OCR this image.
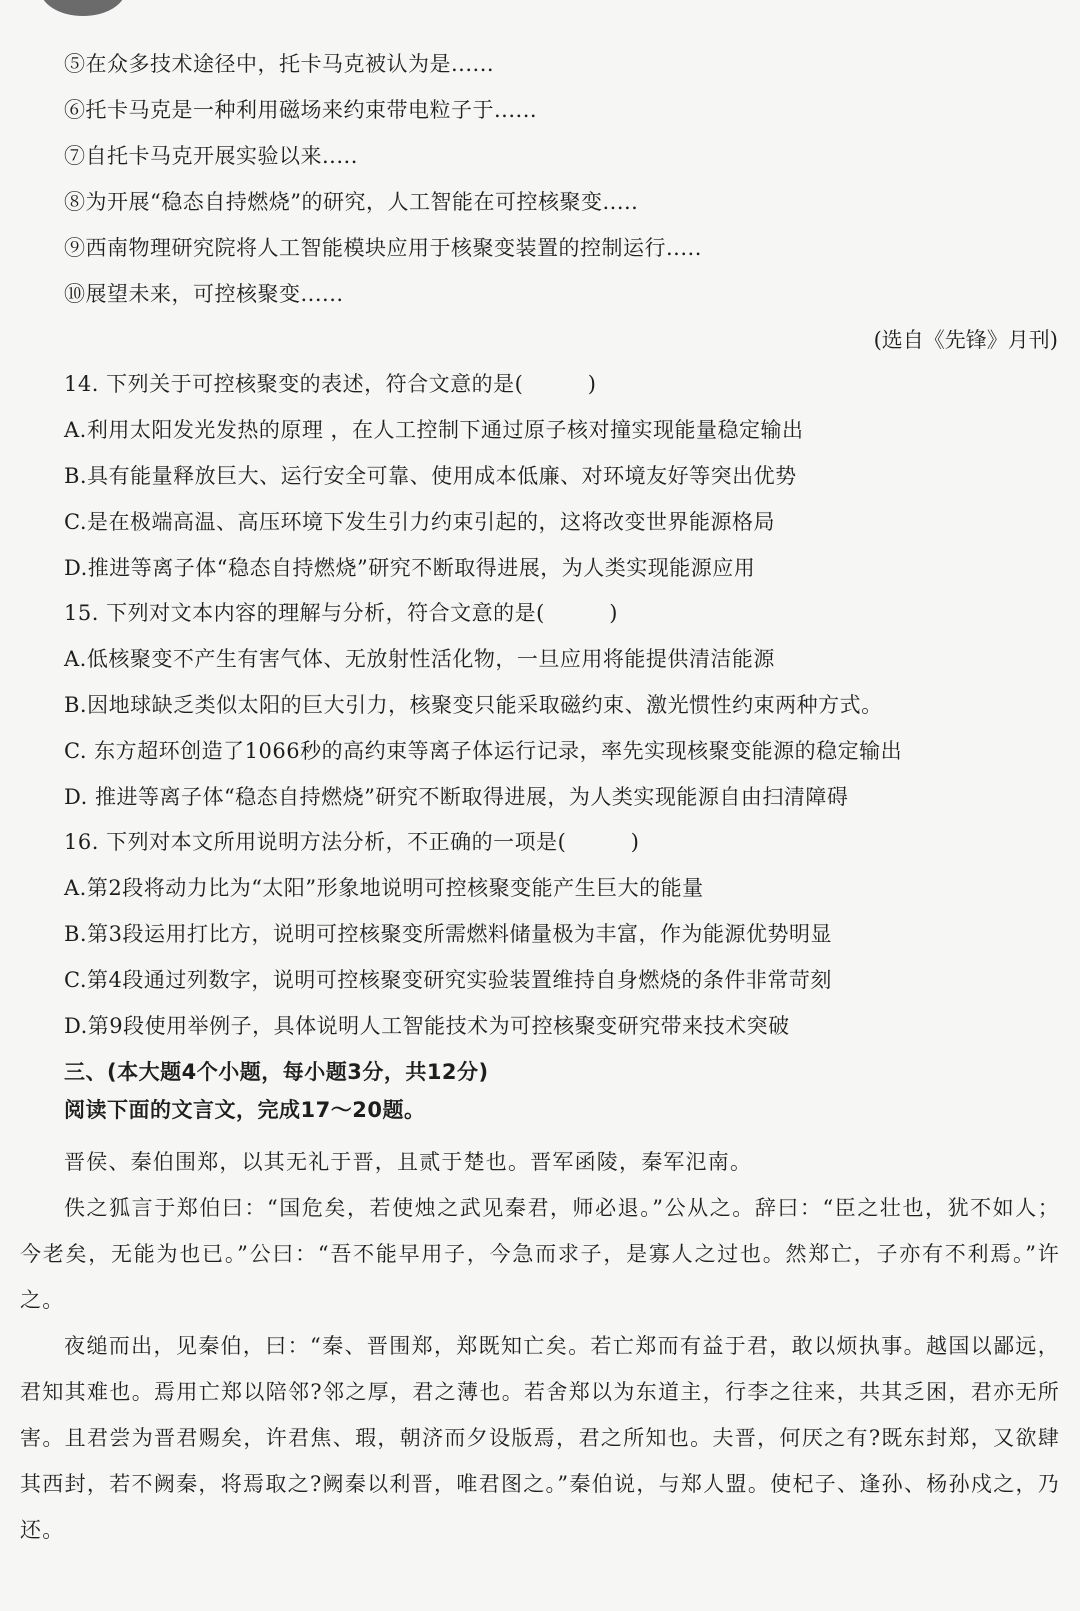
⑤在众多技术途径中，托卡马克被认为是......
⑥托卡马克是一种利用磁场来约束带电粒子于......
⑦自托卡马克开展实验以来.....
⑧为开展“稳态自持燃烧”的研究，人工智能在可控核聚变.....
⑨西南物理研究院将人工智能模块应用于核聚变装置的控制运行.....
⑩展望未来，可控核聚变......
(选自《先锋》月刊)
14. 下列关于可控核聚变的表述，符合文意的是(　　　)
A.利用太阳发光发热的原理 ，在人工控制下通过原子核对撞实现能量稳定输出
B.具有能量释放巨大、运行安全可靠、使用成本低廉、对环境友好等突出优势
C.是在极端高温、高压环境下发生引力约束引起的，这将改变世界能源格局
D.推进等离子体“稳态自持燃烧”研究不断取得进展，为人类实现能源应用
15. 下列对文本内容的理解与分析，符合文意的是(　　　)
A.低核聚变不产生有害气体、无放射性活化物，一旦应用将能提供清洁能源
B.因地球缺乏类似太阳的巨大引力，核聚变只能采取磁约束、激光惯性约束两种方式。
C. 东方超环创造了1066秒的高约束等离子体运行记录，率先实现核聚变能源的稳定输出
D. 推进等离子体“稳态自持燃烧”研究不断取得进展，为人类实现能源自由扫清障碍
16. 下列对本文所用说明方法分析，不正确的一项是(　　　)
A.第2段将动力比为“太阳”形象地说明可控核聚变能产生巨大的能量
B.第3段运用打比方，说明可控核聚变所需燃料储量极为丰富，作为能源优势明显
C.第4段通过列数字，说明可控核聚变研究实验装置维持自身燃烧的条件非常苛刻
D.第9段使用举例子，具体说明人工智能技术为可控核聚变研究带来技术突破
三、(本大题4个小题，每小题3分，共12分)
阅读下面的文言文，完成17～20题。
晋侯、秦伯围郑，以其无礼于晋，且贰于楚也。晋军函陵，秦军氾南。
佚之狐言于郑伯曰：“国危矣，若使烛之武见秦君，师必退。”公从之。辞曰：“臣之壮也，犹不如人；今老矣，无能为也已。”公曰：“吾不能早用子，今急而求子，是寡人之过也。然郑亡，子亦有不利焉。”许之。
夜缒而出，见秦伯，曰：“秦、晋围郑，郑既知亡矣。若亡郑而有益于君，敢以烦执事。越国以鄙远，君知其难也。焉用亡郑以陪邻?邻之厚，君之薄也。若舍郑以为东道主，行李之往来，共其乏困，君亦无所害。且君尝为晋君赐矣，许君焦、瑕，朝济而夕设版焉，君之所知也。夫晋，何厌之有?既东封郑，又欲肆其西封，若不阙秦，将焉取之?阙秦以利晋，唯君图之。”秦伯说，与郑人盟。使杞子、逢孙、杨孙戍之，乃还。
